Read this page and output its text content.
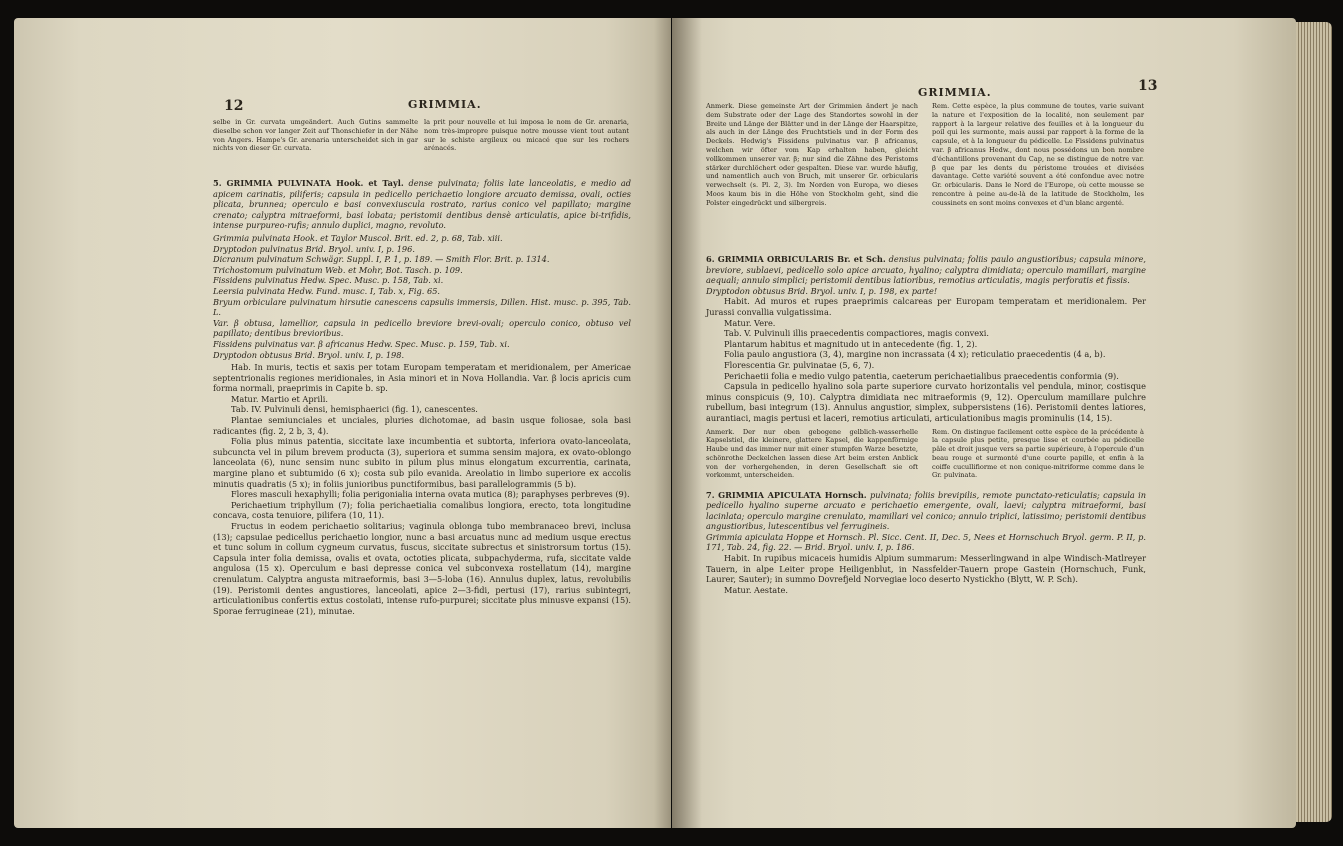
12	GRIMMIA.

selbe in Gr. curvata umgeändert. Auch Gutins sammelte dieselbe schon vor langer Zeit auf Thonschiefer in der Nähe von Angers. Hampe's Gr. arenaria unterscheidet sich in gar nichts von dieser Gr. curvata.

la prit pour nouvelle et lui imposa le nom de Gr. arenaria, nom très-impropre puisque notre mousse vient tout autant sur le schiste argileux ou micacé que sur les rochers arénacés.

5. GRIMMIA PULVINATA Hook. et Tayl. dense pulvinata; foliis late lanceolatis, e medio ad apicem carinatis, piliferis; capsula in pedicello perichaetio longiore arcuato demissa, ovali, octies plicata, brunnea; operculo e basi convexiuscula rostrato, rarius conico vel papillato; margine crenato; calyptra mitraeformi, basi lobata; peristomii dentibus densè articulatis, apice bi-trifidis, intense purpureo-rufis; annulo duplici, magno, revoluto.

Grimmia pulvinata Hook. et Taylor Muscol. Brit. ed. 2, p. 68, Tab. xiii.

Dryptodon pulvinatus Brid. Bryol. univ. I, p. 196.

Dicranum pulvinatum Schwägr. Suppl. I, P. 1, p. 189. — Smith Flor. Brit. p. 1314.

Trichostomum pulvinatum Web. et Mohr, Bot. Tasch. p. 109.

Fissidens pulvinatus Hedw. Spec. Musc. p. 158, Tab. xi.

Leersia pulvinata Hedw. Fund. musc. I, Tab. x, Fig. 65.

Bryum orbiculare pulvinatum hirsutie canescens capsulis immersis, Dillen. Hist. musc. p. 395, Tab. L.

Var. β obtusa, lamellior, capsula in pedicello breviore brevi-ovali; operculo conico, obtuso vel papillato; dentibus brevioribus.

Fissidens pulvinatus var. β africanus Hedw. Spec. Musc. p. 159, Tab. xi.

Dryptodon obtusus Brid. Bryol. univ. I, p. 198.

Hab. In muris, tectis et saxis per totam Europam temperatam et meridionalem, per Americae septentrionalis regiones meridionales, in Asia minori et in Nova Hollandia. Var. β locis apricis cum forma normali, praeprimis in Capite b. sp.

Matur. Martio et Aprili.

Tab. IV. Pulvinuli densi, hemisphaerici (fig. 1), canescentes.

Plantae semiunciales et unciales, pluries dichotomae, ad basin usque foliosae, sola basi radicantes (fig. 2, 2 b, 3, 4).

Folia plus minus patentia, siccitate laxe incumbentia et subtorta, inferiora ovato-lanceolata, subcuncta vel in pilum brevem producta (3), superiora et summa sensim majora, ex ovato-oblongo lanceolata (6), nunc sensim nunc subito in pilum plus minus elongatum excurrentia, carinata, margine plano et subtumido (6 x); costa sub pilo evanida. Areolatio in limbo superiore ex accolis minutis quadratis (5 x); in foliis junioribus punctiformibus, basi parallelogrammis (5 b).

Flores masculi hexaphylli; folia perigonialia interna ovata mutica (8); paraphyses perbreves (9).

Perichaetium triphyllum (7); folia perichaetialia comalibus longiora, erecto, tota longitudine concava, costa tenuiore, pilifera (10, 11).

Fructus in eodem perichaetio solitarius; vaginula oblonga tubo membranaceo brevi, inclusa (13); capsulae pedicellus perichaetio longior, nunc a basi arcuatus nunc ad medium usque erectus et tunc solum in collum cygneum curvatus, fuscus, siccitate subrectus et sinistrorsum tortus (15). Capsula inter folia demissa, ovalis et ovata, octoties plicata, subpachyderma, rufa, siccitate valde angulosa (15 x). Operculum e basi depresse conica vel subconvexa rostellatum (14), margine crenulatum. Calyptra angusta mitraeformis, basi 3—5-loba (16). Annulus duplex, latus, revolubilis (19). Peristomii dentes angustiores, lanceolati, apice 2—3-fidi, pertusi (17), rarius subintegri, articulationibus confertis extus costolati, intense rufo-purpurei; siccitate plus minusve expansi (15). Sporae ferrugineae (21), minutae.

GRIMMIA.	13

Anmerk. Diese gemeinste Art der Grimmien ändert je nach dem Substrate oder der Lage des Standortes sowohl in der Breite und Länge der Blätter und in der Länge der Haarspitze, als auch in der Länge des Fruchtstiels und in der Form des Deckels. Hedwig's Fissidens pulvinatus var. β africanus, welchen wir öfter vom Kap erhalten haben, gleicht vollkommen unserer var. β; nur sind die Zähne des Peristoms stärker durchlöchert oder gespalten. Diese var. wurde häufig, und namentlich auch von Bruch, mit unserer Gr. orbicularis verwechselt (s. Pl. 2, 3). Im Norden von Europa, wo dieses Moos kaum bis in die Höhe von Stockholm geht, sind die Polster eingedrückt und silbergreis.

Rem. Cette espèce, la plus commune de toutes, varie suivant la nature et l'exposition de la localité, non seulement par rapport à la largeur relative des feuilles et à la longueur du poil qui les surmonte, mais aussi par rapport à la forme de la capsule, et à la longueur du pédicelle. Le Fissidens pulvinatus var. β africanus Hedw., dont nous possédons un bon nombre d'échantillons provenant du Cap, ne se distingue de notre var. β que par les dents du péristome trouées et divisées davantage. Cette variété souvent a été confondue avec notre Gr. orbicularis. Dans le Nord de l'Europe, où cette mousse se rencontre à peine au-de-là de la latitude de Stockholm, les coussinets en sont moins convexes et d'un blanc argenté.

6. GRIMMIA ORBICULARIS Br. et Sch. densius pulvinata; foliis paulo angustioribus; capsula minore, breviore, sublaevi, pedicello solo apice arcuato, hyalino; calyptra dimidiata; operculo mamillari, margine aequali; annulo simplici; peristomii dentibus latioribus, remotius articulatis, magis perforatis et fissis.

Dryptodon obtusus Brid. Bryol. univ. I, p. 198, ex parte!

Habit. Ad muros et rupes praeprimis calcareas per Europam temperatam et meridionalem. Per Jurassi convallia vulgatissima.

Matur. Vere.

Tab. V. Pulvinuli illis praecedentis compactiores, magis convexi.

Plantarum habitus et magnitudo ut in antecedente (fig. 1, 2).

Folia paulo angustiora (3, 4), margine non incrassata (4 x); reticulatio praecedentis (4 a, b).

Florescentia Gr. pulvinatae (5, 6, 7).

Perichaetii folia e medio vulgo patentia, caeterum perichaetialibus praecedentis conformia (9).

Capsula in pedicello hyalino sola parte superiore curvato horizontalis vel pendula, minor, costisque minus conspicuis (9, 10). Calyptra dimidiata nec mitraeformis (9, 12). Operculum mamillare pulchre rubellum, basi integrum (13). Annulus angustior, simplex, subpersistens (16). Peristomii dentes latiores, aurantiaci, magis pertusi et laceri, remotius articulati, articulationibus magis prominulis (14, 15).

Anmerk. Der nur oben gebogene gelblich-wasserhelle Kapselstiel, die kleinere, glattere Kapsel, die kappenförmige Haube und das immer nur mit einer stumpfen Warze besetzte, schönrothe Deckelchen lassen diese Art beim ersten Anblick von der vorhergehenden, in deren Gesellschaft sie oft vorkommt, unterscheiden.

Rem. On distingue facilement cette espèce de la précédente à la capsule plus petite, presque lisse et courbée au pédicelle pâle et droit jusque vers sa partie supérieure, à l'opercule d'un beau rouge et surmonté d'une courte papille, et enfin à la coiffe cucullifiorme et non conique-mitriforme comme dans le Gr. pulvinata.

7. GRIMMIA APICULATA Hornsch. pulvinata; foliis brevipilis, remote punctato-reticulatis; capsula in pedicello hyalino superne arcuato e perichaetio emergente, ovali, laevi; calyptra mitraeformi, basi lacinlata; operculo margine crenulato, mamillari vel conico; annulo triplici, latissimo; peristomii dentibus angustioribus, lutescentibus vel ferrugineis.

Grimmia apiculata Hoppe et Hornsch. Pl. Sicc. Cent. II, Dec. 5, Nees et Hornschuch Bryol. germ. P. II, p. 171, Tab. 24, fig. 22. — Brid. Bryol. univ. I, p. 186.

Habit. In rupibus micaceis humidis Alpium summarum: Messerlingwand in alpe Windisch-Matlreyer Tauern, in alpe Leiter prope Heiligenblut, in Nassfelder-Tauern prope Gastein (Hornschuch, Funk, Laurer, Sauter); in summo Dovrefjeld Norvegiae loco deserto Nystickho (Blytt, W. P. Sch).

Matur. Aestate.
